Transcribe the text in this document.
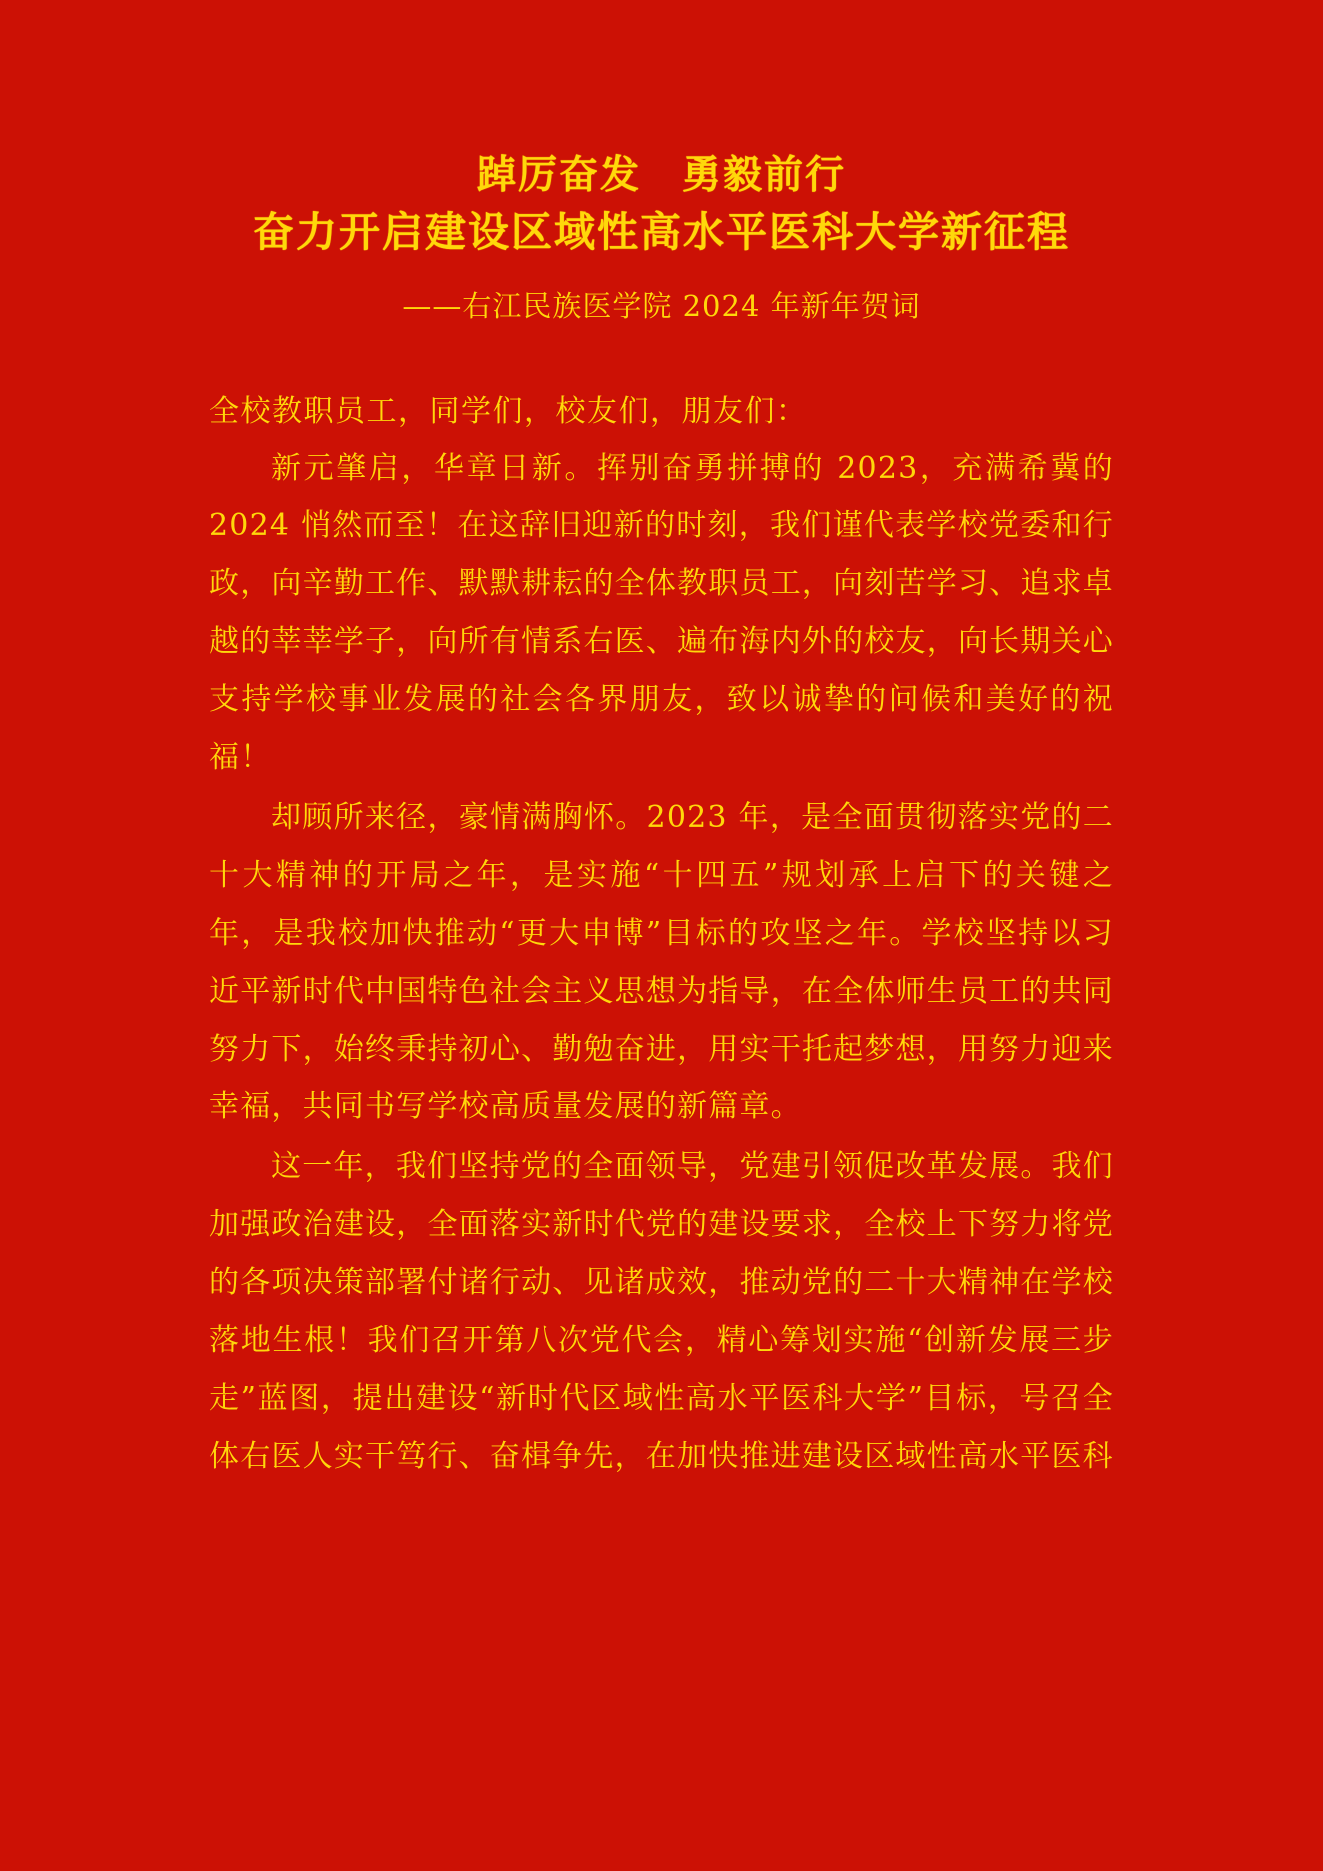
踔厉奋发　勇毅前行
奋力开启建设区域性高水平医科大学新征程
——右江民族医学院 2024 年新年贺词
全校教职员工，同学们，校友们，朋友们：

新元肇启，华章日新。挥别奋勇拼搏的 2023，充满希冀的 2024 悄然而至！在这辞旧迎新的时刻，我们谨代表学校党委和行政，向辛勤工作、默默耕耘的全体教职员工，向刻苦学习、追求卓越的莘莘学子，向所有情系右医、遍布海内外的校友，向长期关心支持学校事业发展的社会各界朋友，致以诚挚的问候和美好的祝福！

却顾所来径，豪情满胸怀。2023 年，是全面贯彻落实党的二十大精神的开局之年，是实施“十四五”规划承上启下的关键之年，是我校加快推动“更大申博”目标的攻坚之年。学校坚持以习近平新时代中国特色社会主义思想为指导，在全体师生员工的共同努力下，始终秉持初心、勤勉奋进，用实干托起梦想，用努力迎来幸福，共同书写学校高质量发展的新篇章。

这一年，我们坚持党的全面领导，党建引领促改革发展。我们加强政治建设，全面落实新时代党的建设要求，全校上下努力将党的各项决策部署付诸行动、见诸成效，推动党的二十大精神在学校落地生根！我们召开第八次党代会，精心筹划实施“创新发展三步走”蓝图，提出建设“新时代区域性高水平医科大学”目标，号召全体右医人实干笃行、奋楫争先，在加快推进建设区域性高水平医科
